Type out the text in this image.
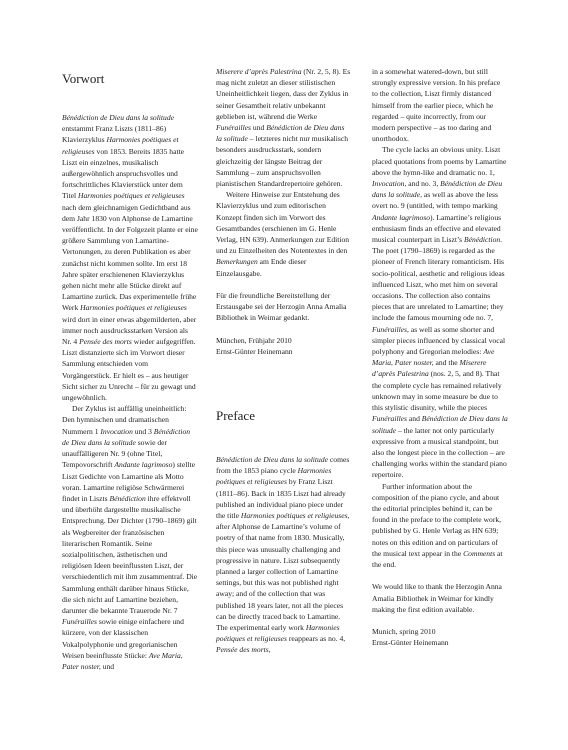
Vorwort

Bénédiction de Dieu dans la solitude entstammt Franz Liszts (1811–86) Klavierzyklus Harmonies poétiques et religieuses von 1853. Bereits 1835 hatte Liszt ein einzelnes, musikalisch außergewöhnlich anspruchsvolles und fortschrittliches Klavierstück unter dem Titel Harmonies poétiques et religieuses nach dem gleichnamigen Gedichtband aus dem Jahr 1830 von Alphonse de Lamartine veröffentlicht. In der Folgezeit plante er eine größere Sammlung von Lamartine-Vertonungen, zu deren Publikation es aber zunächst nicht kommen sollte. Im erst 18 Jahre später erschienenen Klavierzyklus gehen nicht mehr alle Stücke direkt auf Lamartine zurück. Das experimentelle frühe Werk Harmonies poétiques et religieuses wird dort in einer etwas abgemilderten, aber immer noch ausdrucksstarken Version als Nr. 4 Pensée des morts wieder aufgegriffen. Liszt distanzierte sich im Vorwort dieser Sammlung entschieden vom Vorgängerstück. Er hielt es – aus heutiger Sicht sicher zu Unrecht – für zu gewagt und ungewöhnlich.

Der Zyklus ist auffällig uneinheitlich: Den hymnischen und dramatischen Nummern 1 Invocation und 3 Bénédiction de Dieu dans la solitude sowie der unauffälligeren Nr. 9 (ohne Titel, Tempovorschrift Andante lagrimoso) stellte Liszt Gedichte von Lamartine als Motto voran. Lamartine religiöse Schwärmerei findet in Liszts Bénédiction ihre effektvoll und überhöht dargestellte musikalische Entsprechung. Der Dichter (1790–1869) gilt als Wegbereiter der französischen literarischen Romantik. Seine sozialpolitischen, ästhetischen und religiösen Ideen beeinflussten Liszt, der verschiedentlich mit ihm zusammentraf. Die Sammlung enthält darüber hinaus Stücke, die sich nicht auf Lamartine beziehen, darunter die bekannte Trauerode Nr. 7 Funérailles sowie einige einfachere und kürzere, von der klassischen Vokalpolyphonie und gregorianischen Weisen beeinflusste Stücke: Ave Maria, Pater noster, und

Miserere d’après Palestrina (Nr. 2, 5, 8). Es mag nicht zuletzt an dieser stilistischen Uneinheitlichkeit liegen, dass der Zyklus in seiner Gesamtheit relativ unbekannt geblieben ist, während die Werke Funérailles und Bénédiction de Dieu dans la solitude – letzteres nicht nur musikalisch besonders ausdrucksstark, sondern gleichzeitig der längste Beitrag der Sammlung – zum anspruchsvollen pianistischen Standardrepertoire gehören.

Weitere Hinweise zur Entstehung des Klavierzyklus und zum editorischen Konzept finden sich im Vorwort des Gesamtbandes (erschienen im G. Henle Verlag, HN 639). Anmerkungen zur Edition und zu Einzelheiten des Notentextes in den Bemerkungen am Ende dieser Einzelausgabe.

Für die freundliche Bereitstellung der Erstausgabe sei der Herzogin Anna Amalia Bibliothek in Weimar gedankt.

München, Frühjahr 2010

Ernst-Günter Heinemann

Preface

Bénédiction de Dieu dans la solitude comes from the 1853 piano cycle Harmonies poétiques et religieuses by Franz Liszt (1811–86). Back in 1835 Liszt had already published an individual piano piece under the title Harmonies poétiques et religieuses, after Alphonse de Lamartine’s volume of poetry of that name from 1830. Musically, this piece was unusually challenging and progressive in nature. Liszt subsequently planned a larger collection of Lamartine settings, but this was not published right away; and of the collection that was published 18 years later, not all the pieces can be directly traced back to Lamartine. The experimental early work Harmonies poétiques et religieuses reappears as no. 4, Pensée des morts,

in a somewhat watered-down, but still strongly expressive version. In his preface to the collection, Liszt firmly distanced himself from the earlier piece, which he regarded – quite incorrectly, from our modern perspective – as too daring and unorthodox.

The cycle lacks an obvious unity. Liszt placed quotations from poems by Lamartine above the hymn-like and dramatic no. 1, Invocation, and no. 3, Bénédiction de Dieu dans la solitude, as well as above the less overt no. 9 (untitled, with tempo marking Andante lagrimoso). Lamartine’s religious enthusiasm finds an effective and elevated musical counterpart in Liszt’s Bénédiction. The poet (1790–1869) is regarded as the pioneer of French literary romanticism. His socio-political, aesthetic and religious ideas influenced Liszt, who met him on several occasions. The collection also contains pieces that are unrelated to Lamartine; they include the famous mourning ode no. 7, Funérailles, as well as some shorter and simpler pieces influenced by classical vocal polyphony and Gregorian melodies: Ave Maria, Pater noster, and the Miserere d’après Palestrina (nos. 2, 5, and 8). That the complete cycle has remained relatively unknown may in some measure be due to this stylistic disunity, while the pieces Funérailles and Bénédiction de Dieu dans la solitude – the latter not only particularly expressive from a musical standpoint, but also the longest piece in the collection – are challenging works within the standard piano repertoire.

Further information about the composition of the piano cycle, and about the editorial principles behind it, can be found in the preface to the complete work, published by G. Henle Verlag as HN 639; notes on this edition and on particulars of the musical text appear in the Comments at the end.

We would like to thank the Herzogin Anna Amalia Bibliothek in Weimar for kindly making the first edition available.

Munich, spring 2010

Ernst-Günter Heinemann
